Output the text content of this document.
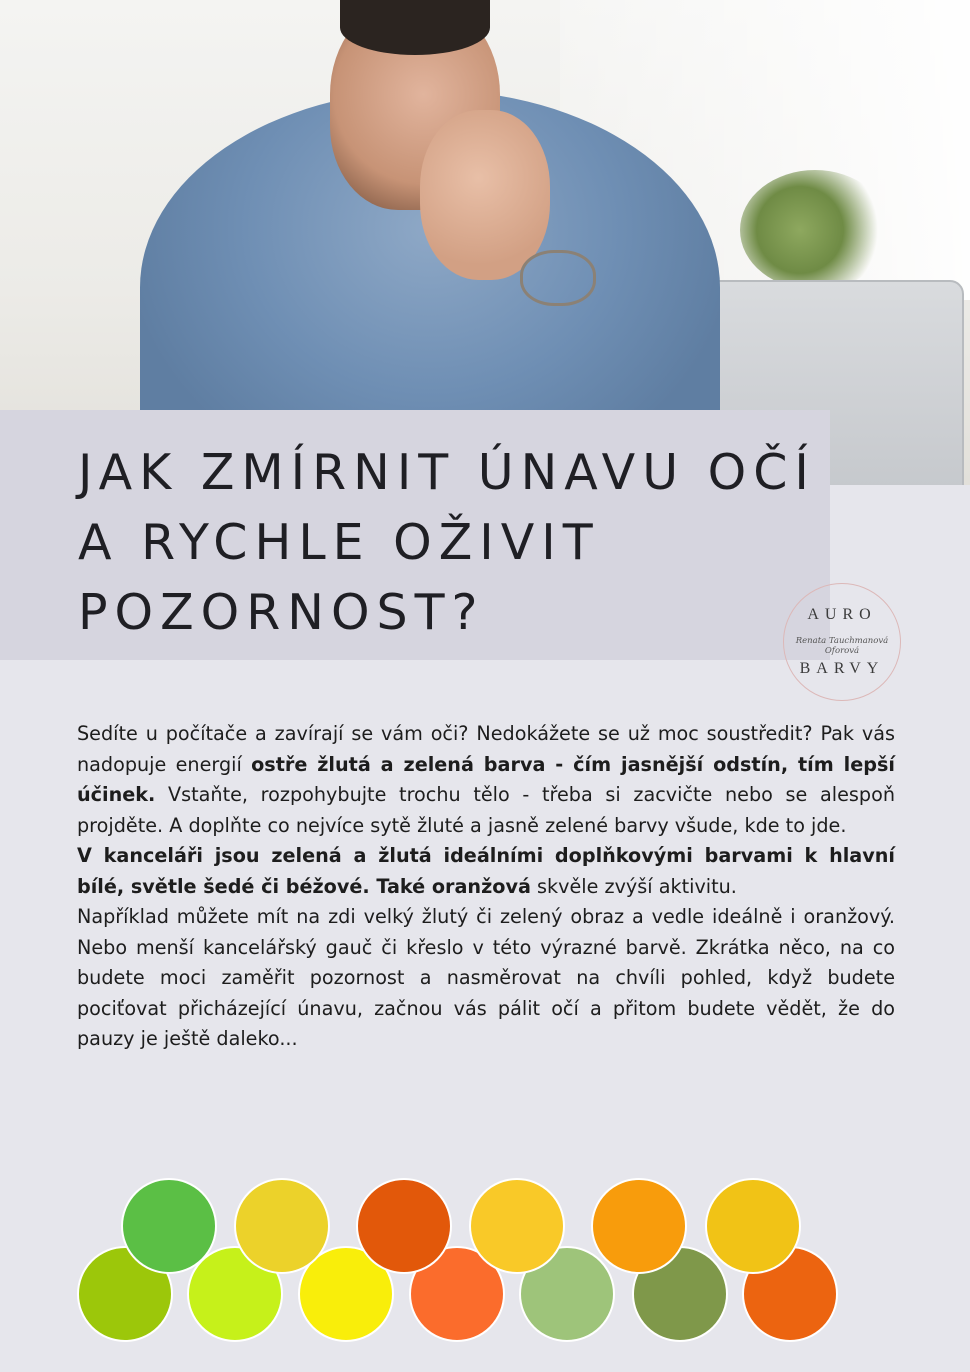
JAK ZMÍRNIT ÚNAVU OČÍ
A RYCHLE OŽIVIT
POZORNOST?	AURO
Renata Tauchmanová Oforová
BARVY

Sedíte u počítače a zavírají se vám oči? Nedokážete se už moc soustředit? Pak vás nadopuje energií ostře žlutá a zelená barva - čím jasnější odstín, tím lepší účinek. Vstaňte, rozpohybujte trochu tělo - třeba si zacvičte nebo se alespoň projděte. A doplňte co nejvíce sytě žluté a jasně zelené barvy všude, kde to jde.

V kanceláři jsou zelená a žlutá ideálními doplňkovými barvami k hlavní bílé, světle šedé či béžové. Také oranžová skvěle zvýší aktivitu.

Například můžete mít na zdi velký žlutý či zelený obraz a vedle ideálně i oranžový. Nebo menší kancelářský gauč či křeslo v této výrazné barvě. Zkrátka něco, na co budete moci zaměřit pozornost a nasměrovat na chvíli pohled, když budete pociťovat přicházející únavu, začnou vás pálit očí a přitom budete vědět, že do pauzy je ještě daleko...
